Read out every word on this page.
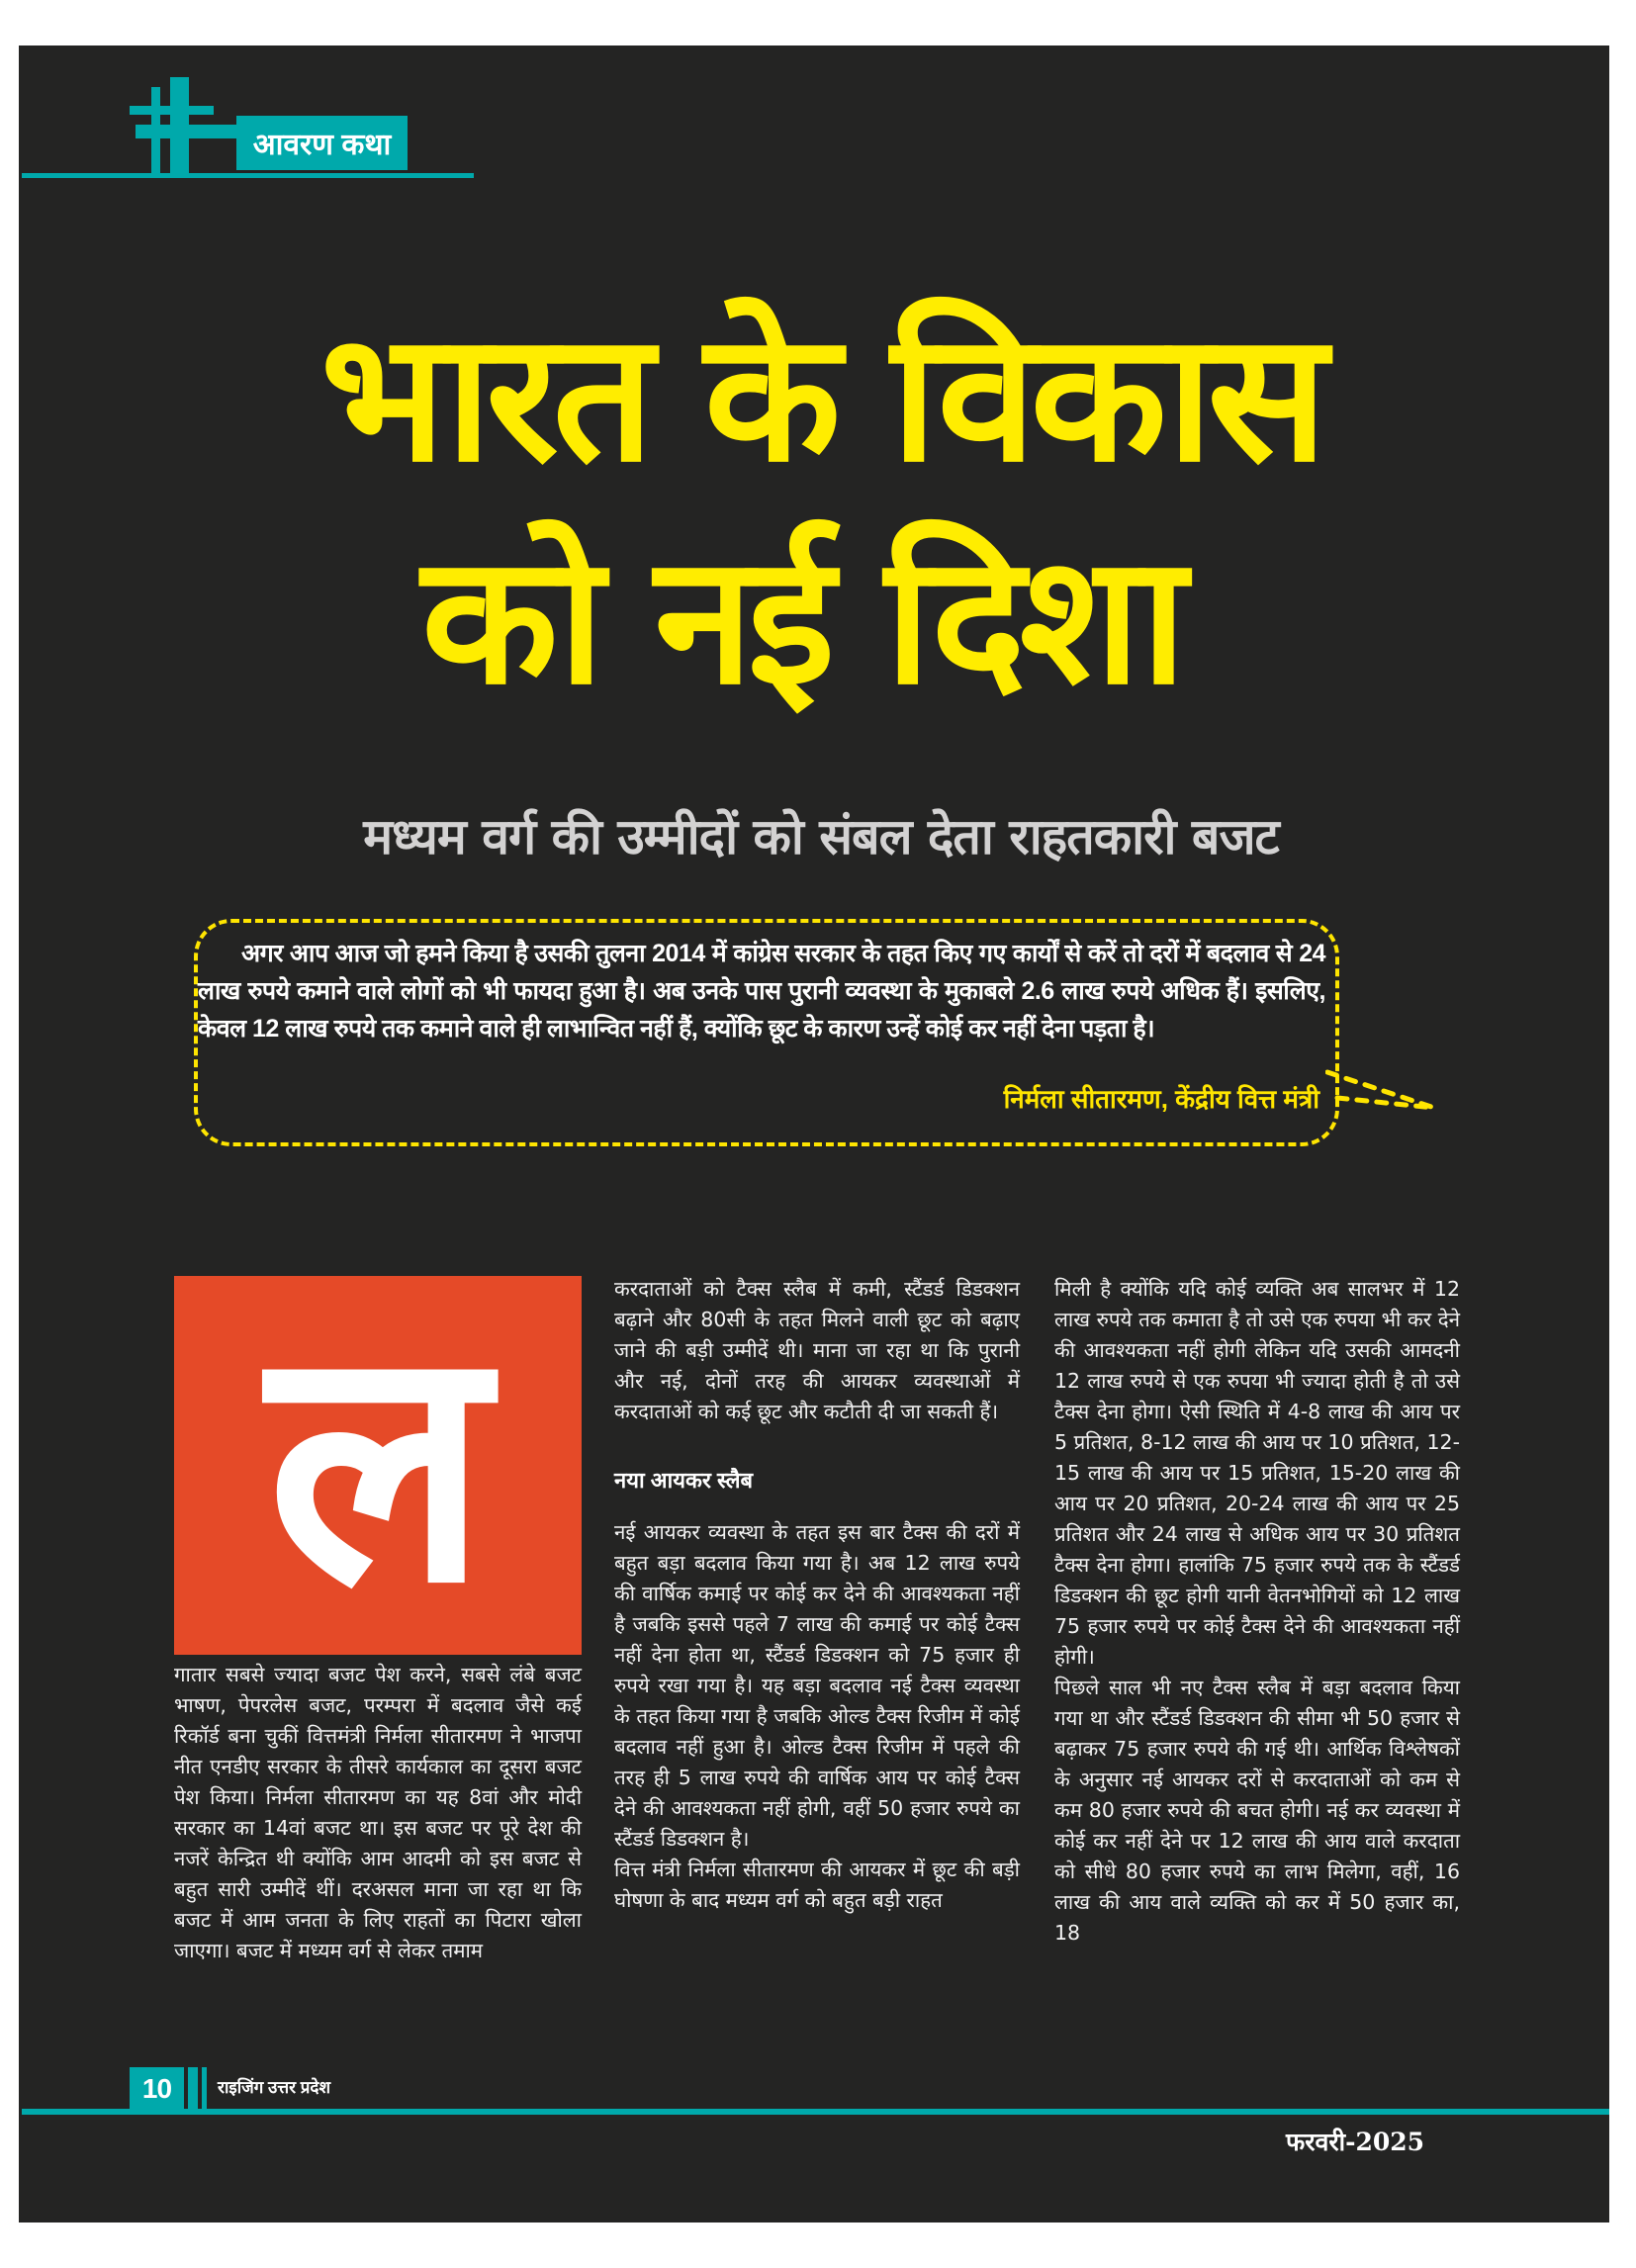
आवरण कथा
भारत के विकास
को नई दिशा
मध्यम वर्ग की उम्मीदों को संबल देता राहतकारी बजट
अगर आप आज जो हमने किया है उसकी तुलना 2014 में कांग्रेस सरकार के तहत किए गए कार्यों से करें तो दरों में बदलाव से 24 लाख रुपये कमाने वाले लोगों को भी फायदा हुआ है। अब उनके पास पुरानी व्यवस्था के मुकाबले 2.6 लाख रुपये अधिक हैं। इसलिए, केवल 12 लाख रुपये तक कमाने वाले ही लाभान्वित नहीं हैं, क्योंकि छूट के कारण उन्हें कोई कर नहीं देना पड़ता है।
निर्मला सीतारमण, केंद्रीय वित्त मंत्री
ल

गातार सबसे ज्यादा बजट पेश करने, सबसे लंबे बजट भाषण, पेपरलेस बजट, परम्परा में बदलाव जैसे कई रिकॉर्ड बना चुकीं वित्तमंत्री निर्मला सीतारमण ने भाजपा नीत एनडीए सरकार के तीसरे कार्यकाल का दूसरा बजट पेश किया। निर्मला सीतारमण का यह 8वां और मोदी सरकार का 14वां बजट था। इस बजट पर पूरे देश की नजरें केन्द्रित थी क्योंकि आम आदमी को इस बजट से बहुत सारी उम्मीदें थीं। दरअसल माना जा रहा था कि बजट में आम जनता के लिए राहतों का पिटारा खोला जाएगा। बजट में मध्यम वर्ग से लेकर तमाम

करदाताओं को टैक्स स्लैब में कमी, स्टैंडर्ड डिडक्शन बढ़ाने और 80सी के तहत मिलने वाली छूट को बढ़ाए जाने की बड़ी उम्मीदें थी। माना जा रहा था कि पुरानी और नई, दोनों तरह की आयकर व्यवस्थाओं में करदाताओं को कई छूट और कटौती दी जा सकती हैं।

नया आयकर स्लैब

नई आयकर व्यवस्था के तहत इस बार टैक्स की दरों में बहुत बड़ा बदलाव किया गया है। अब 12 लाख रुपये की वार्षिक कमाई पर कोई कर देने की आवश्यकता नहीं है जबकि इससे पहले 7 लाख की कमाई पर कोई टैक्स नहीं देना होता था, स्टैंडर्ड डिडक्शन को 75 हजार ही रुपये रखा गया है। यह बड़ा बदलाव नई टैक्स व्यवस्था के तहत किया गया है जबकि ओल्ड टैक्स रिजीम में कोई बदलाव नहीं हुआ है। ओल्ड टैक्स रिजीम में पहले की तरह ही 5 लाख रुपये की वार्षिक आय पर कोई टैक्स देने की आवश्यकता नहीं होगी, वहीं 50 हजार रुपये का स्टैंडर्ड डिडक्शन है।

वित्त मंत्री निर्मला सीतारमण की आयकर में छूट की बड़ी घोषणा के बाद मध्यम वर्ग को बहुत बड़ी राहत

मिली है क्योंकि यदि कोई व्यक्ति अब सालभर में 12 लाख रुपये तक कमाता है तो उसे एक रुपया भी कर देने की आवश्यकता नहीं होगी लेकिन यदि उसकी आमदनी 12 लाख रुपये से एक रुपया भी ज्यादा होती है तो उसे टैक्स देना होगा। ऐसी स्थिति में 4-8 लाख की आय पर 5 प्रतिशत, 8-12 लाख की आय पर 10 प्रतिशत, 12-15 लाख की आय पर 15 प्रतिशत, 15-20 लाख की आय पर 20 प्रतिशत, 20-24 लाख की आय पर 25 प्रतिशत और 24 लाख से अधिक आय पर 30 प्रतिशत टैक्स देना होगा। हालांकि 75 हजार रुपये तक के स्टैंडर्ड डिडक्शन की छूट होगी यानी वेतनभोगियों को 12 लाख 75 हजार रुपये पर कोई टैक्स देने की आवश्यकता नहीं होगी।

पिछले साल भी नए टैक्स स्लैब में बड़ा बदलाव किया गया था और स्टैंडर्ड डिडक्शन की सीमा भी 50 हजार से बढ़ाकर 75 हजार रुपये की गई थी। आर्थिक विश्लेषकों के अनुसार नई आयकर दरों से करदाताओं को कम से कम 80 हजार रुपये की बचत होगी। नई कर व्यवस्था में कोई कर नहीं देने पर 12 लाख की आय वाले करदाता को सीधे 80 हजार रुपये का लाभ मिलेगा, वहीं, 16 लाख की आय वाले व्यक्ति को कर में 50 हजार का, 18

10	राइजिंग उत्तर प्रदेश
फरवरी-2025
